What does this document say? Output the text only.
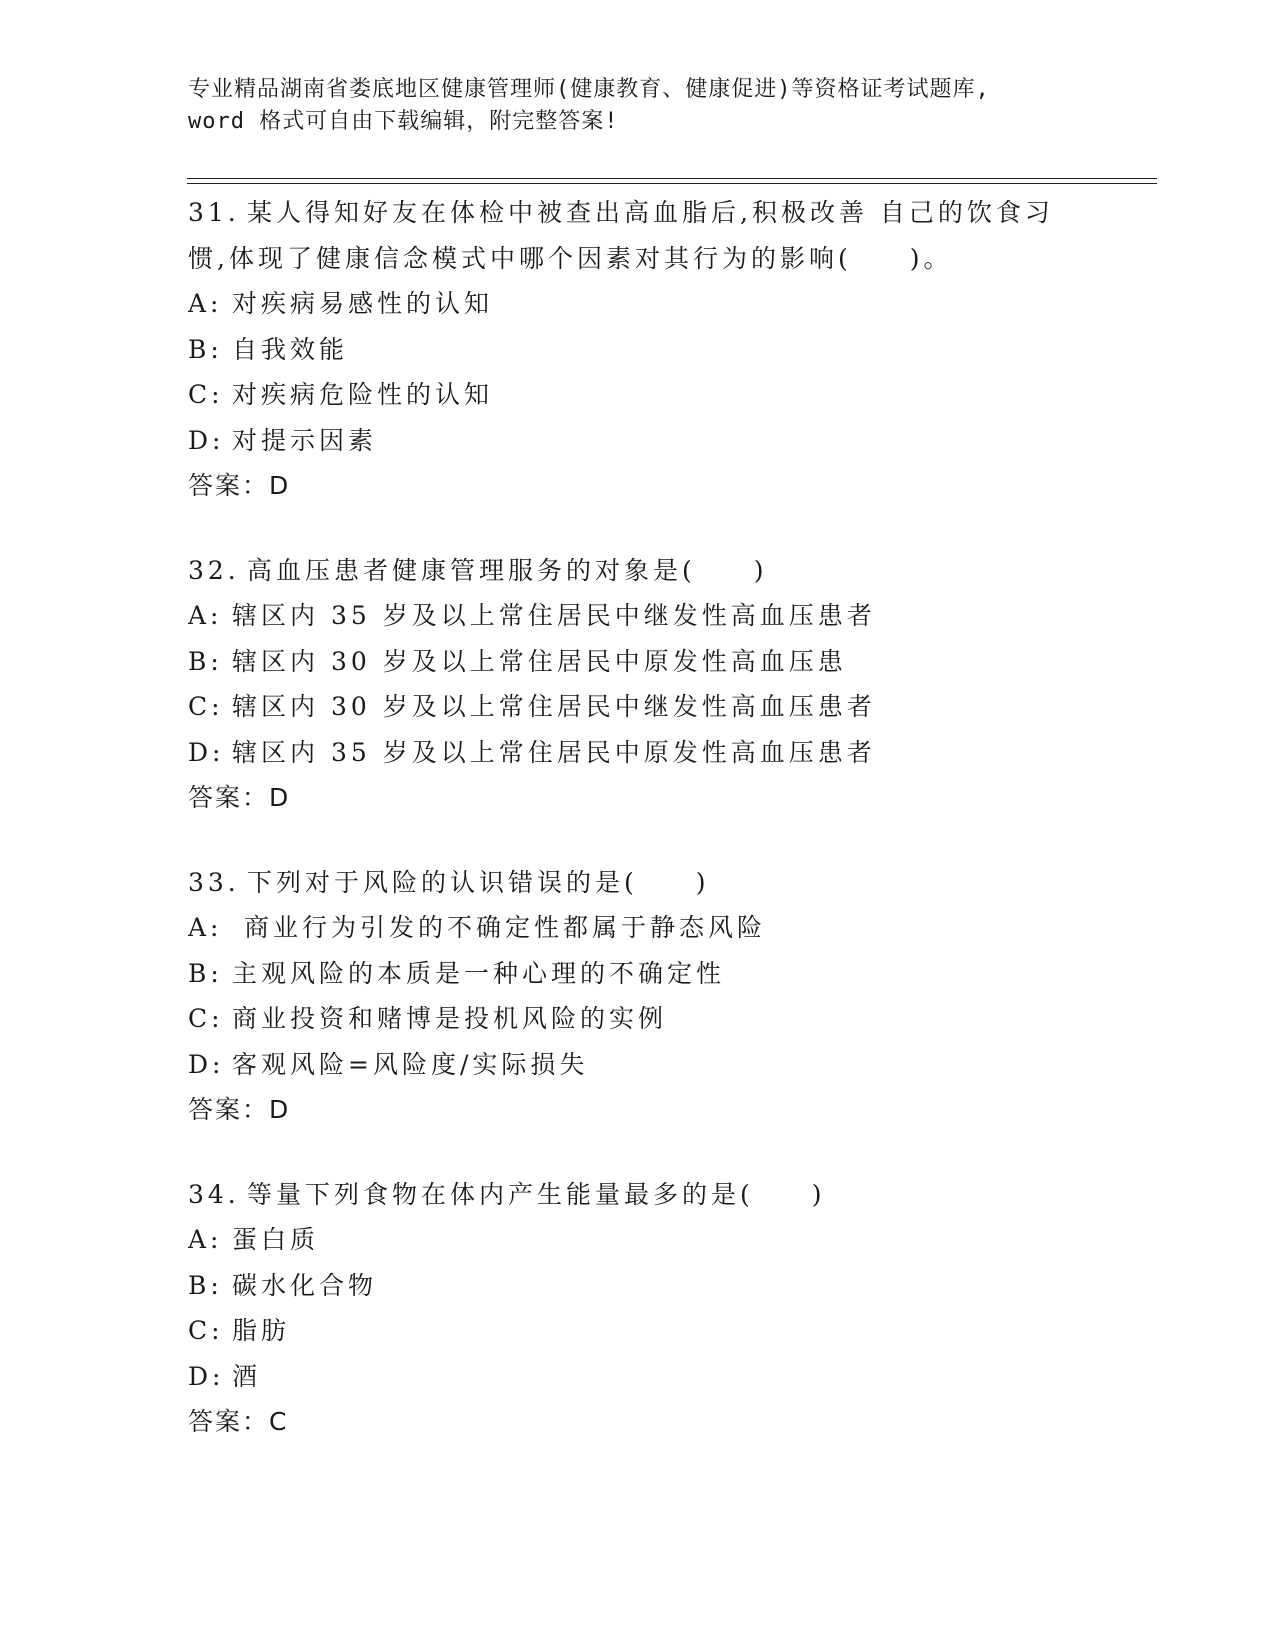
专业精品湖南省娄底地区健康管理师(健康教育、健康促进)等资格证考试题库,
word 格式可自由下载编辑，附完整答案!
31. 某人得知好友在体检中被查出高血脂后,积极改善 自己的饮食习
惯,体现了健康信念模式中哪个因素对其行为的影响(　　)。
A: 对疾病易感性的认知
B: 自我效能
C: 对疾病危险性的认知
D: 对提示因素
答案：D
32. 高血压患者健康管理服务的对象是(　　)
A: 辖区内 35 岁及以上常住居民中继发性高血压患者
B: 辖区内 30 岁及以上常住居民中原发性高血压患
C: 辖区内 30 岁及以上常住居民中继发性高血压患者
D: 辖区内 35 岁及以上常住居民中原发性高血压患者
答案：D
33. 下列对于风险的认识错误的是(　　)
A: 商业行为引发的不确定性都属于静态风险
B: 主观风险的本质是一种心理的不确定性
C: 商业投资和赌博是投机风险的实例
D: 客观风险=风险度/实际损失
答案：D
34. 等量下列食物在体内产生能量最多的是(　　)
A: 蛋白质
B: 碳水化合物
C: 脂肪
D: 酒
答案：C
